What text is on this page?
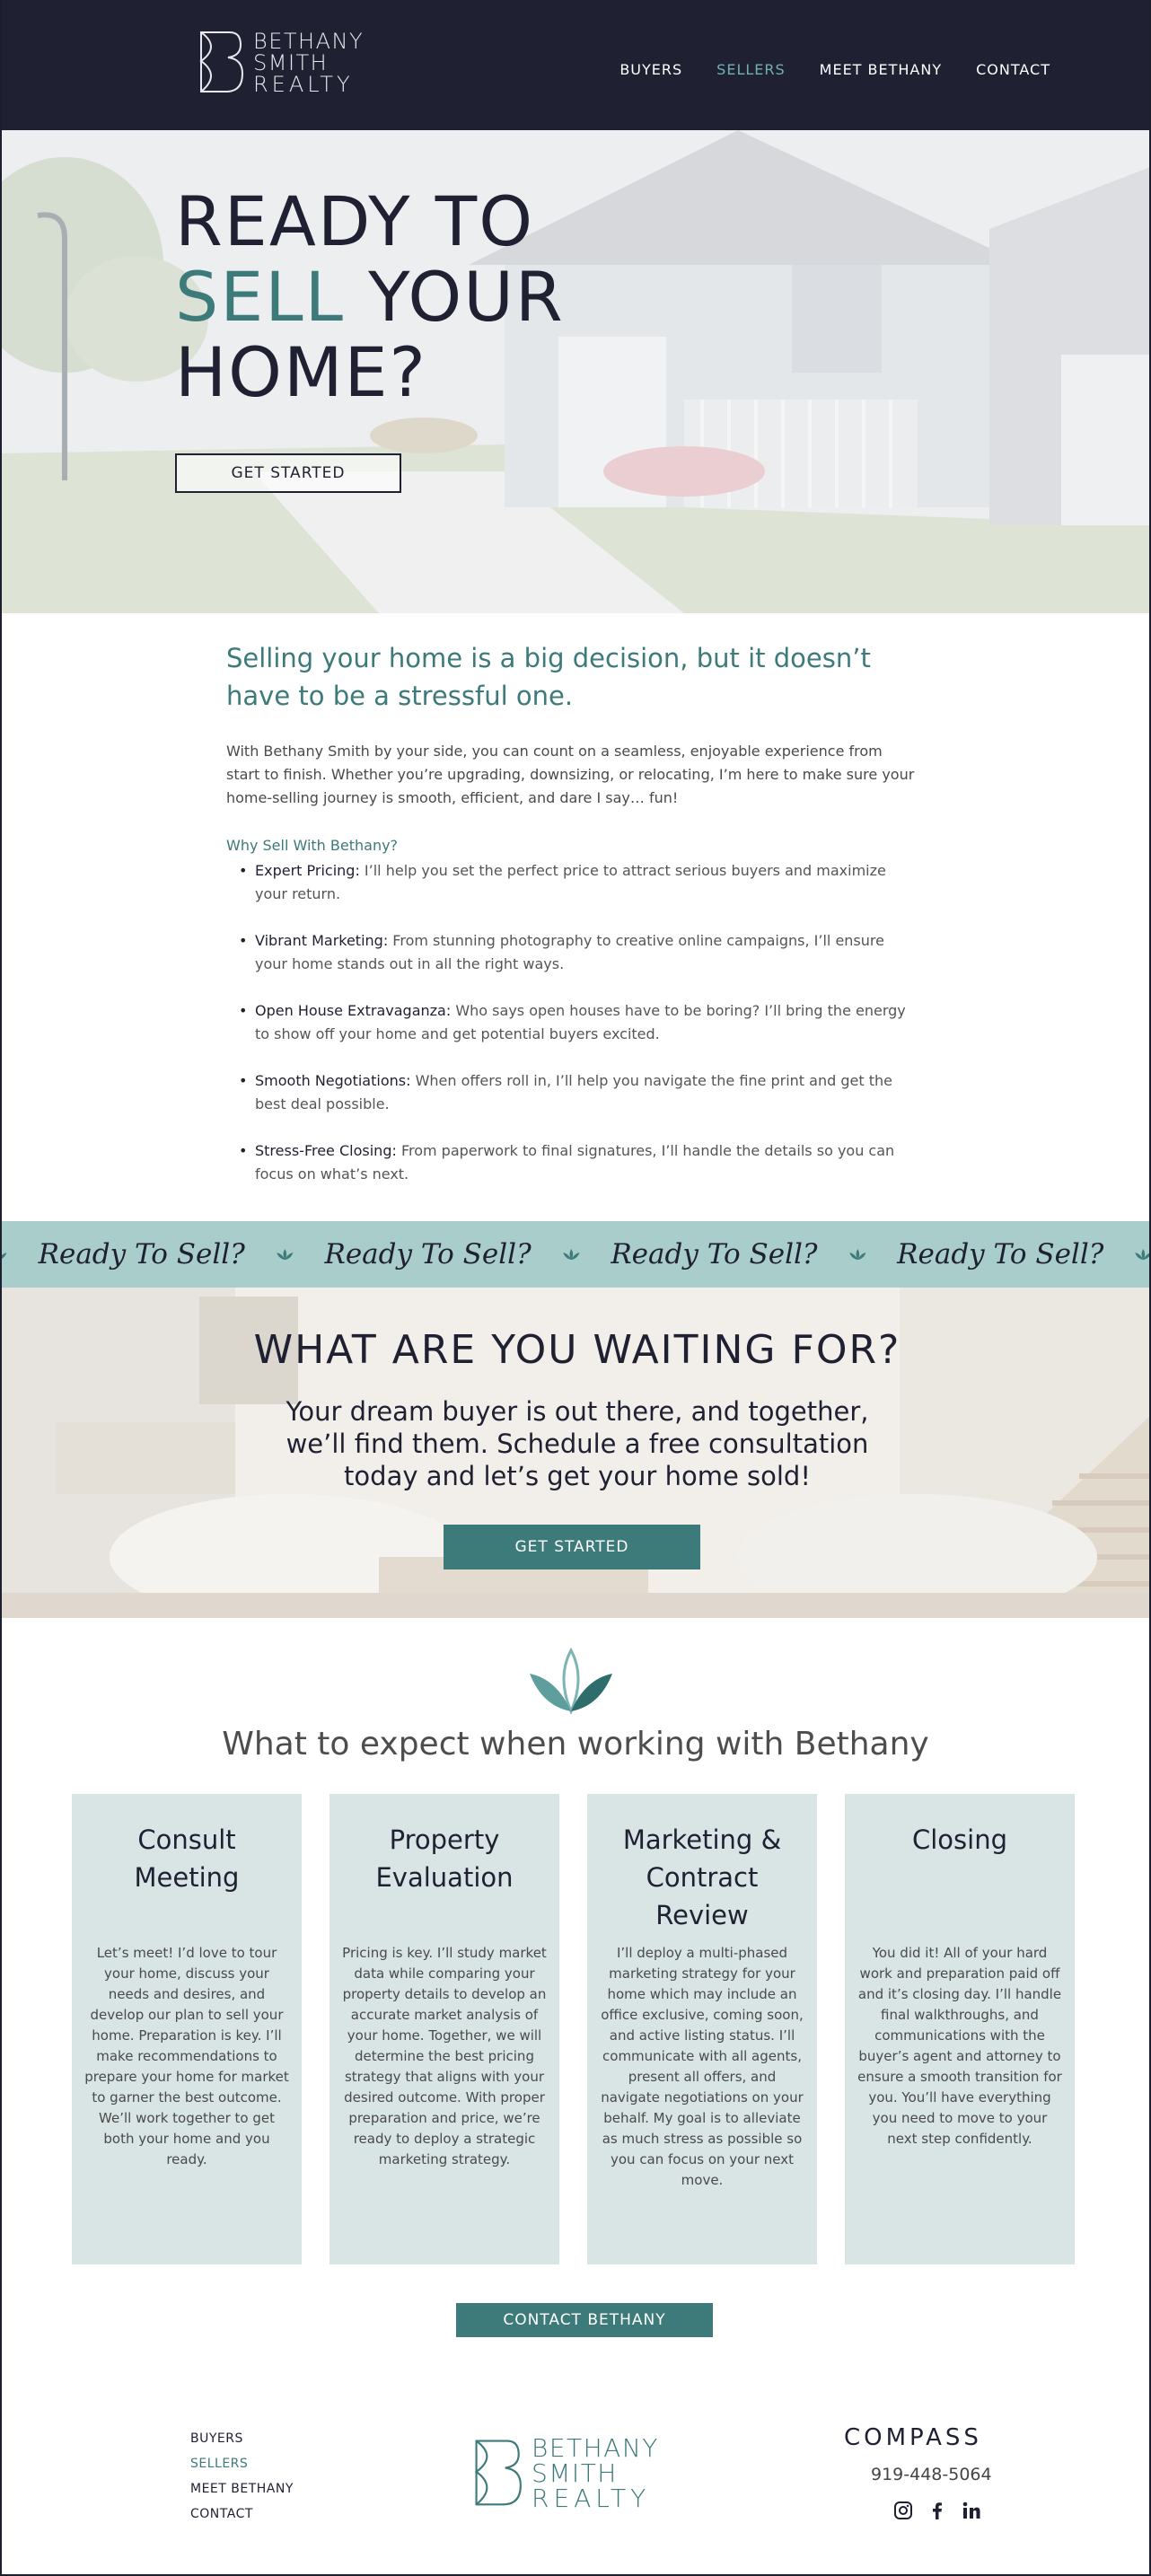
BETHANY
SMITH
REALTY
BUYERS SELLERS MEET BETHANY CONTACT
READY TO
SELL YOUR
HOME?
GET STARTED
Selling your home is a big decision, but it doesn’t have to be a stressful one.

With Bethany Smith by your side, you can count on a seamless, enjoyable experience from start to finish. Whether you’re upgrading, downsizing, or relocating, I’m here to make sure your home-selling journey is smooth, efficient, and dare I say… fun!

Why Sell With Bethany?
• Expert Pricing: I’ll help you set the perfect price to attract serious buyers and maximize your return.
• Vibrant Marketing: From stunning photography to creative online campaigns, I’ll ensure your home stands out in all the right ways.
• Open House Extravaganza: Who says open houses have to be boring? I’ll bring the energy to show off your home and get potential buyers excited.
• Smooth Negotiations: When offers roll in, I’ll help you navigate the fine print and get the best deal possible.
• Stress-Free Closing: From paperwork to final signatures, I’ll handle the details so you can focus on what’s next.
Ready To Sell?	Ready To Sell?	Ready To Sell?	Ready To Sell?
WHAT ARE YOU WAITING FOR?
Your dream buyer is out there, and together, we’ll find them. Schedule a free consultation today and let’s get your home sold!
GET STARTED
What to expect when working with Bethany
Consult Meeting

Let’s meet! I’d love to tour your home, discuss your needs and desires, and develop our plan to sell your home. Preparation is key. I’ll make recommendations to prepare your home for market to garner the best outcome. We’ll work together to get both your home and you ready.

Property Evaluation

Pricing is key. I’ll study market data while comparing your property details to develop an accurate market analysis of your home. Together, we will determine the best pricing strategy that aligns with your desired outcome. With proper preparation and price, we’re ready to deploy a strategic marketing strategy.

Marketing & Contract Review

I’ll deploy a multi-phased marketing strategy for your home which may include an office exclusive, coming soon, and active listing status. I’ll communicate with all agents, present all offers, and navigate negotiations on your behalf. My goal is to alleviate as much stress as possible so you can focus on your next move.

Closing

You did it! All of your hard work and preparation paid off and it’s closing day. I’ll handle final walkthroughs, and communications with the buyer’s agent and attorney to ensure a smooth transition for you. You’ll have everything you need to move to your next step confidently.

CONTACT BETHANY
BUYERS
SELLERS
MEET BETHANY
CONTACT
BETHANY
SMITH
REALTY
COMPASS
919-448-5064
